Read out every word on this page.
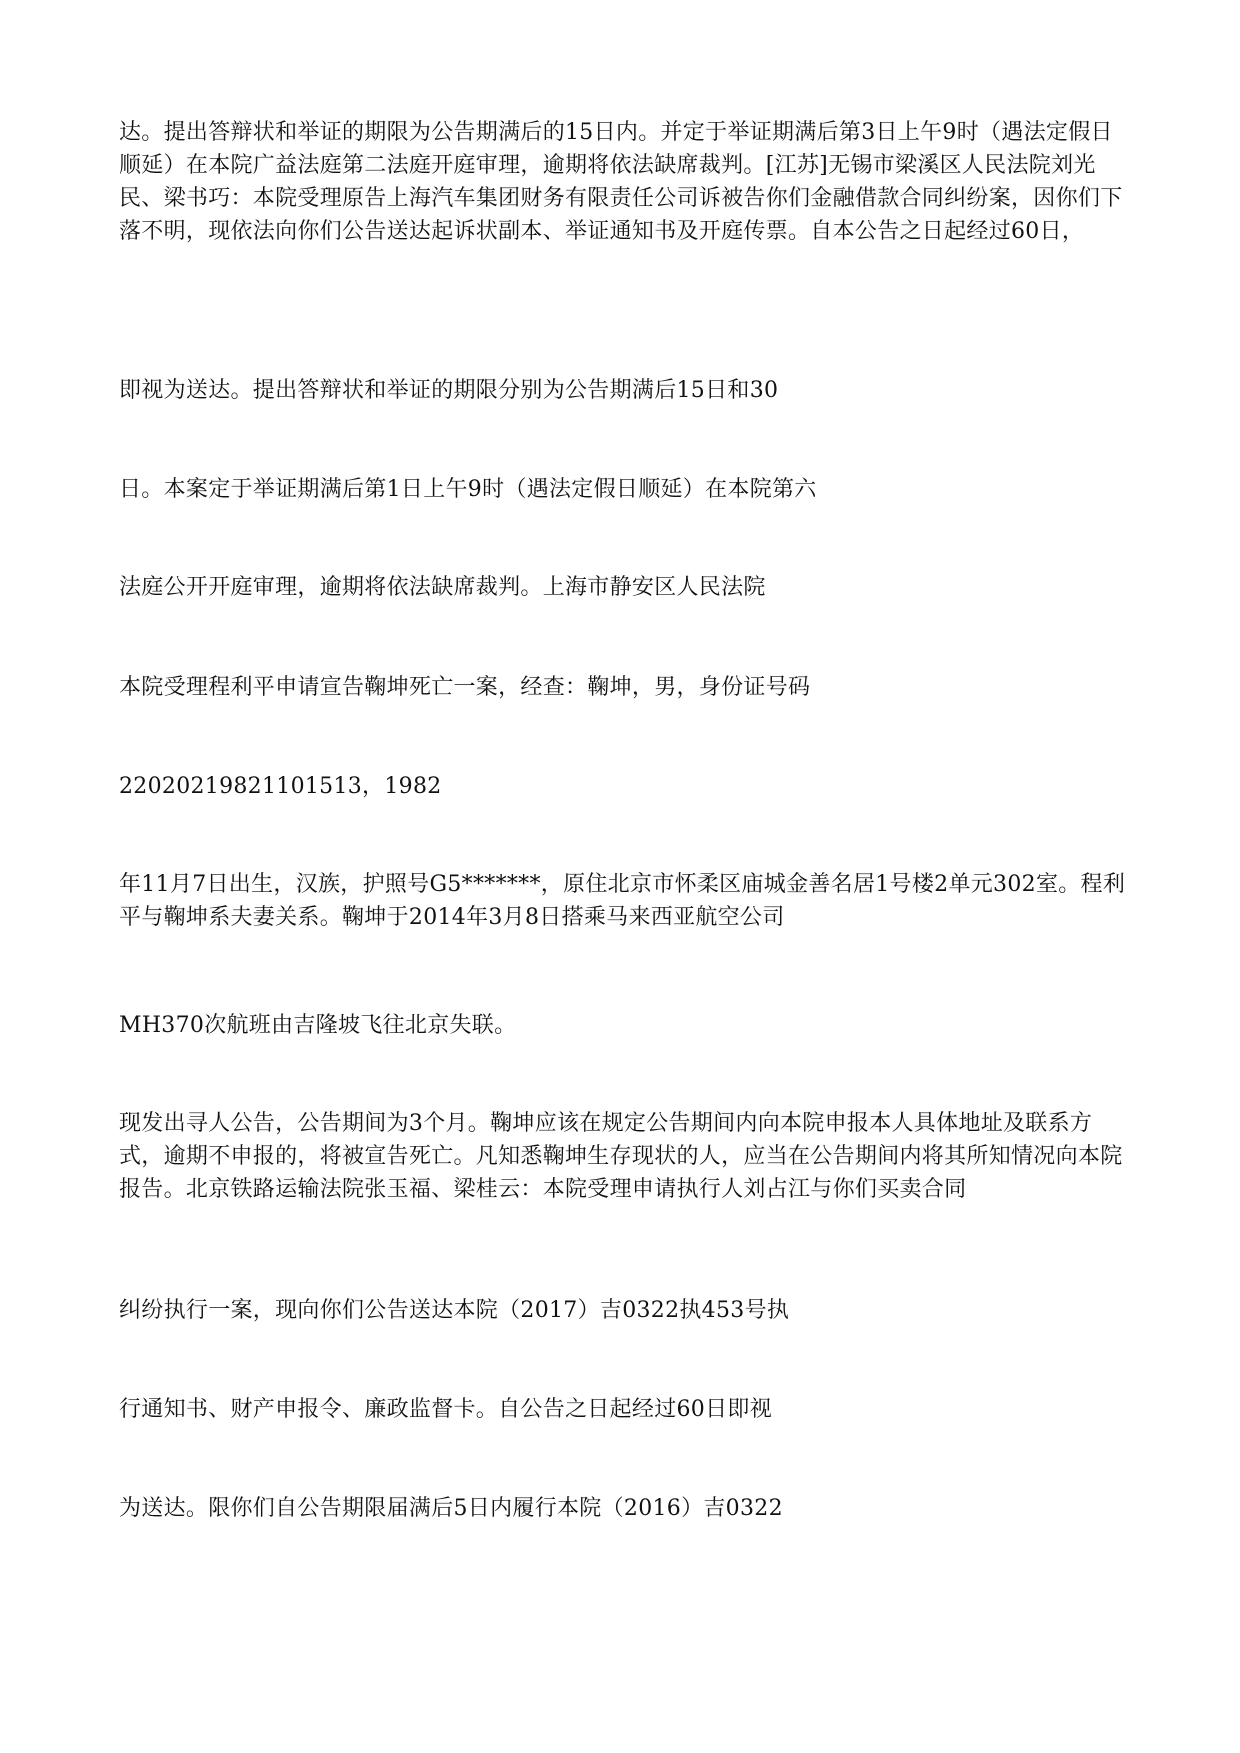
达。提出答辩状和举证的期限为公告期满后的15日内。并定于举证期满后第3日上午9时（遇法定假日顺延）在本院广益法庭第二法庭开庭审理，逾期将依法缺席裁判。[江苏]无锡市梁溪区人民法院刘光民、梁书巧：本院受理原告上海汽车集团财务有限责任公司诉被告你们金融借款合同纠纷案，因你们下落不明，现依法向你们公告送达起诉状副本、举证通知书及开庭传票。自本公告之日起经过60日，

即视为送达。提出答辩状和举证的期限分别为公告期满后15日和30

日。本案定于举证期满后第1日上午9时（遇法定假日顺延）在本院第六

法庭公开开庭审理，逾期将依法缺席裁判。上海市静安区人民法院

本院受理程利平申请宣告鞠坤死亡一案，经查：鞠坤，男，身份证号码

220202198211015​13，1982

年11月7日出生，汉族，护照号G5*******，原住北京市怀柔区庙城金善名居1号楼2单元302室。程利平与鞠坤系夫妻关系。鞠坤于2014年3月8日搭乘马来西亚航空公司

MH370次航班由吉隆坡飞往北京失联。

现发出寻人公告，公告期间为3个月。鞠坤应该在规定公告期间内向本院申报本人具体地址及联系方式，逾期不申报的，将被宣告死亡。凡知悉鞠坤生存现状的人，应当在公告期间内将其所知情况向本院报告。北京铁路运输法院张玉福、梁桂云：本院受理申请执行人刘占江与你们买卖合同

纠纷执行一案，现向你们公告送达本院（2017）吉0322执453号执

行通知书、财产申报令、廉政监督卡。自公告之日起经过60日即视

为送达。限你们自公告期限届满后5日内履行本院（2016）吉0322
